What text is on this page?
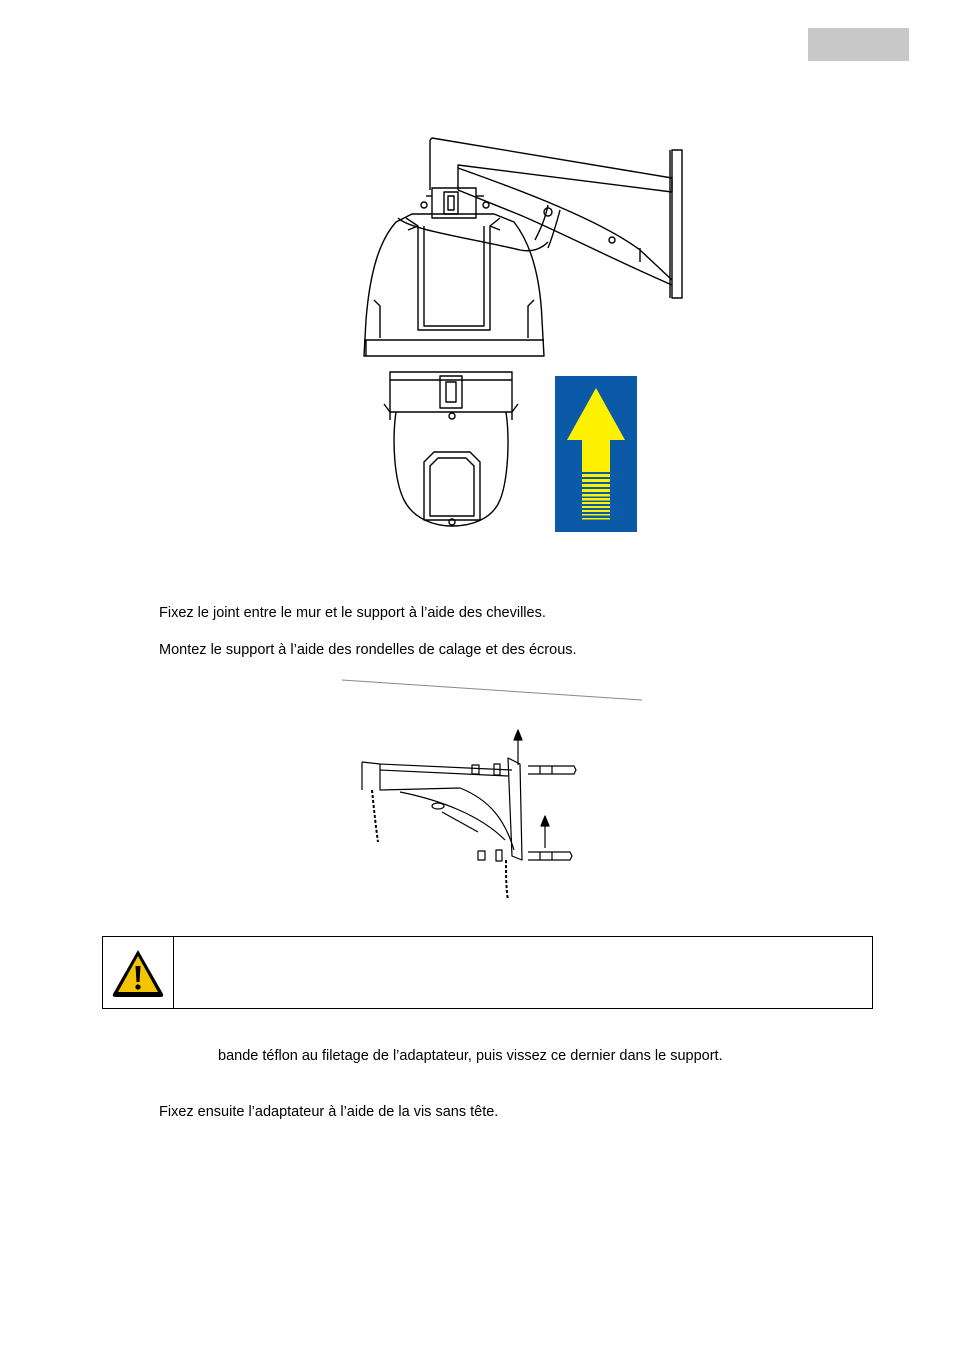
Fixez le joint entre le mur et le support à l’aide des chevilles.
Montez le support à l’aide des rondelles de calage et des écrous.
bande téflon au filetage de l’adaptateur, puis vissez ce dernier dans le support.
Fixez ensuite l’adaptateur à l’aide de la vis sans tête.
